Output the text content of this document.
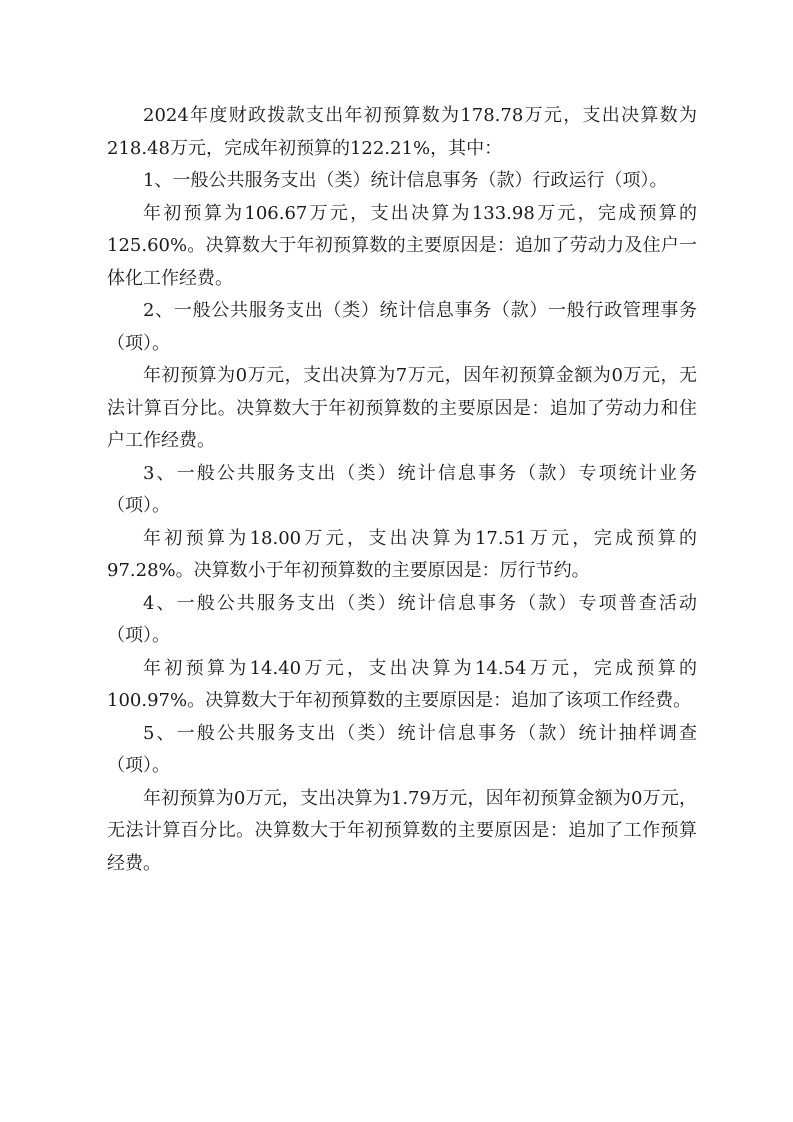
2024年度财政拨款支出年初预算数为178.78万元，支出决算数为218.48万元，完成年初预算的122.21%，其中：

1、一般公共服务支出（类）统计信息事务（款）行政运行（项）。

年初预算为106.67万元，支出决算为133.98万元，完成预算的125.60%。决算数大于年初预算数的主要原因是：追加了劳动力及住户一体化工作经费。

2、一般公共服务支出（类）统计信息事务（款）一般行政管理事务（项）。

年初预算为0万元，支出决算为7万元，因年初预算金额为0万元，无法计算百分比。决算数大于年初预算数的主要原因是：追加了劳动力和住户工作经费。

3、一般公共服务支出（类）统计信息事务（款）专项统计业务（项）。

年初预算为18.00万元，支出决算为17.51万元，完成预算的97.28%。决算数小于年初预算数的主要原因是：厉行节约。

4、一般公共服务支出（类）统计信息事务（款）专项普查活动（项）。

年初预算为14.40万元，支出决算为14.54万元，完成预算的100.97%。决算数大于年初预算数的主要原因是：追加了该项工作经费。

5、一般公共服务支出（类）统计信息事务（款）统计抽样调查（项）。

年初预算为0万元，支出决算为1.79万元，因年初预算金额为0万元，无法计算百分比。决算数大于年初预算数的主要原因是：追加了工作预算经费。
